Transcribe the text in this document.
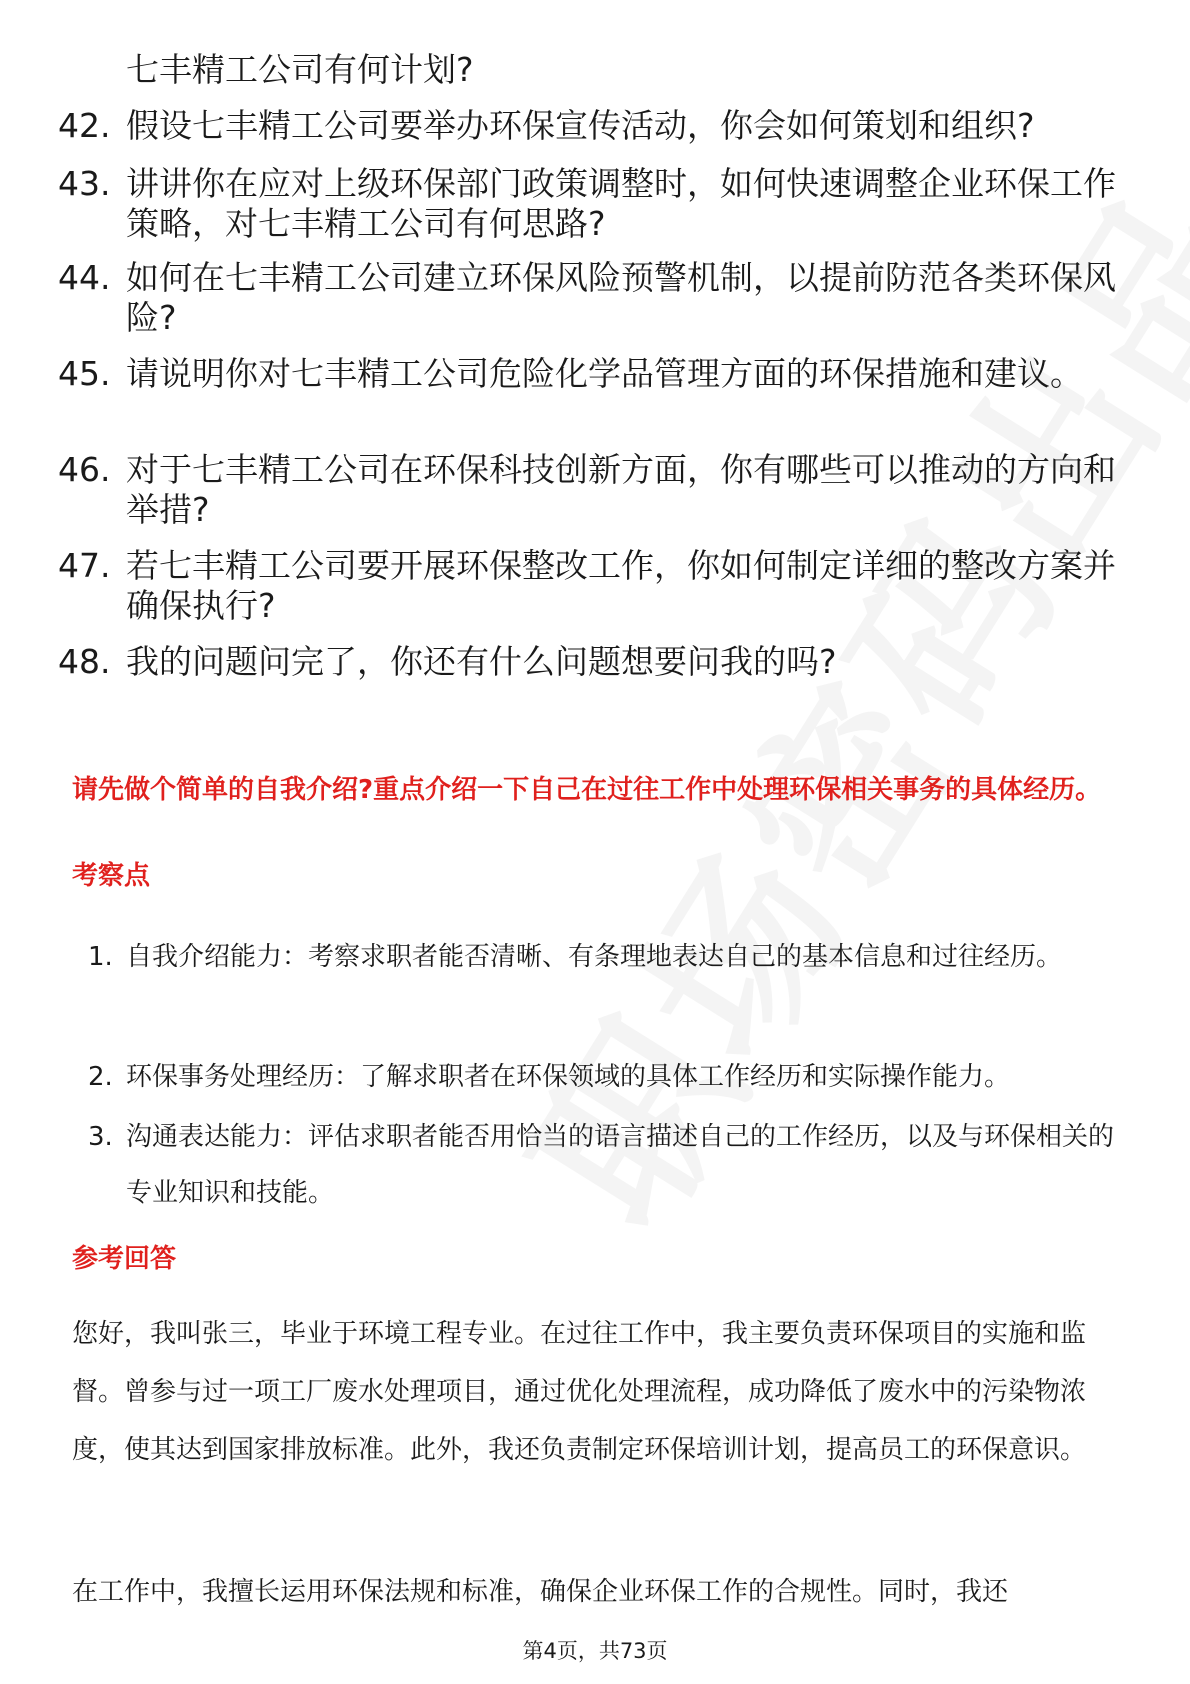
七丰精工公司有何计划?
42. 假设七丰精工公司要举办环保宣传活动，你会如何策划和组织?
43. 讲讲你在应对上级环保部门政策调整时，如何快速调整企业环保工作策略，对七丰精工公司有何思路?
44. 如何在七丰精工公司建立环保风险预警机制，以提前防范各类环保风险?
45. 请说明你对七丰精工公司危险化学品管理方面的环保措施和建议。
46. 对于七丰精工公司在环保科技创新方面，你有哪些可以推动的方向和举措?
47. 若七丰精工公司要开展环保整改工作，你如何制定详细的整改方案并确保执行?
48. 我的问题问完了，你还有什么问题想要问我的吗?
请先做个简单的自我介绍?重点介绍一下自己在过往工作中处理环保相关事务的具体经历。
考察点
1. 自我介绍能力：考察求职者能否清晰、有条理地表达自己的基本信息和过往经历。
2. 环保事务处理经历：了解求职者在环保领域的具体工作经历和实际操作能力。
3. 沟通表达能力：评估求职者能否用恰当的语言描述自己的工作经历，以及与环保相关的专业知识和技能。
参考回答
您好，我叫张三，毕业于环境工程专业。在过往工作中，我主要负责环保项目的实施和监督。曾参与过一项工厂废水处理项目，通过优化处理流程，成功降低了废水中的污染物浓度，使其达到国家排放标准。此外，我还负责制定环保培训计划，提高员工的环保意识。
在工作中，我擅长运用环保法规和标准，确保企业环保工作的合规性。同时，我还
第4页，共73页
